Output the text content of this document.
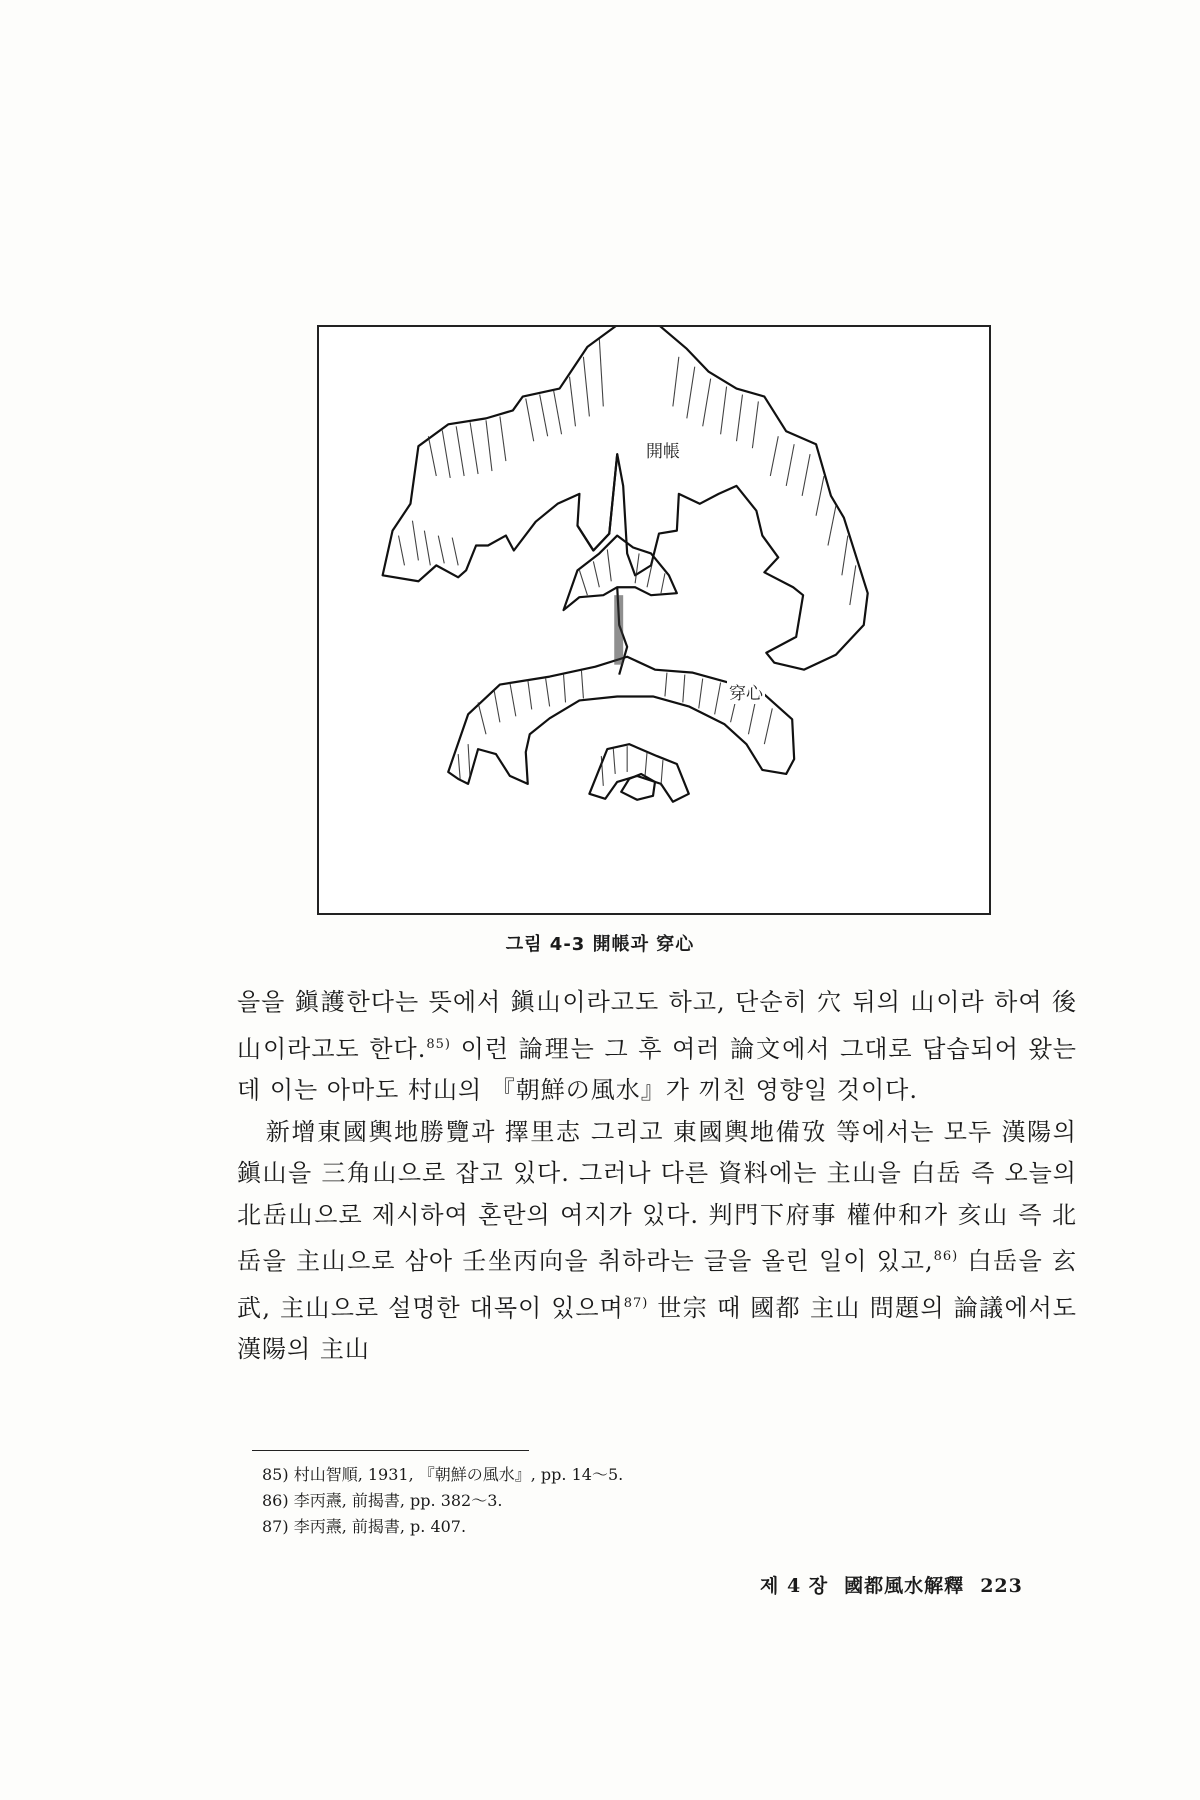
開帳
穿心
그림 4-3 開帳과 穿心

을을 鎭護한다는 뜻에서 鎭山이라고도 하고, 단순히 穴 뒤의 山이라 하여 後山이라고도 한다.$^{85)}$ 이런 論理는 그 후 여러 論文에서 그대로 답습되어 왔는데 이는 아마도 村山의 『朝鮮の風水』가 끼친 영향일 것이다.

新增東國輿地勝覽과 擇里志 그리고 東國輿地備攷 等에서는 모두 漢陽의 鎭山을 三角山으로 잡고 있다. 그러나 다른 資料에는 主山을 白岳 즉 오늘의 北岳山으로 제시하여 혼란의 여지가 있다. 判門下府事 權仲和가 亥山 즉 北岳을 主山으로 삼아 壬坐丙向을 취하라는 글을 올린 일이 있고,$^{86)}$ 白岳을 玄武, 主山으로 설명한 대목이 있으며$^{87)}$ 世宗 때 國都 主山 問題의 論議에서도 漢陽의 主山

85) 村山智順, 1931, 『朝鮮の風水』, pp. 14～5.
86) 李丙燾, 前揭書, pp. 382～3.
87) 李丙燾, 前揭書, p. 407.
제 4 장 國都風水解釋 223
